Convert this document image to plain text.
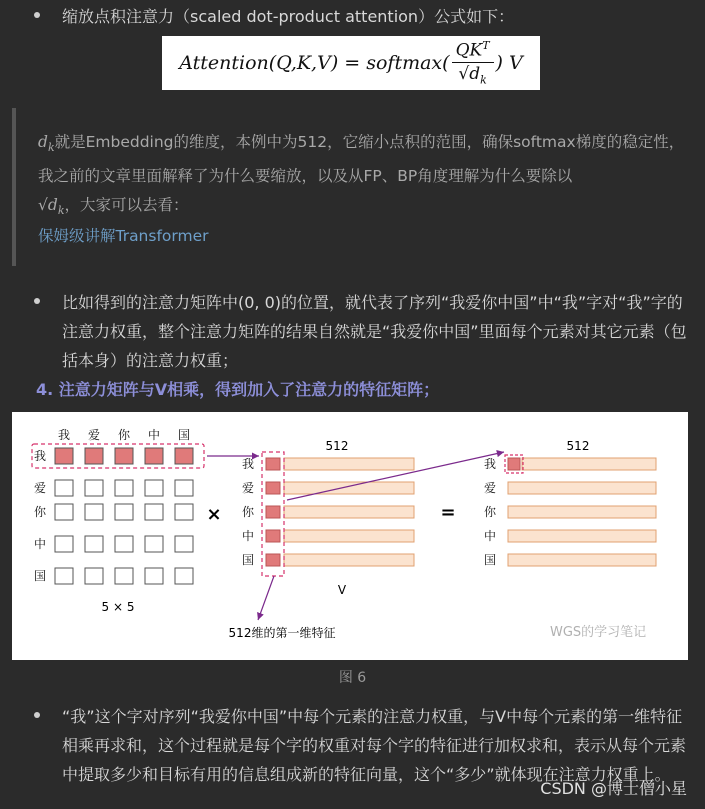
缩放点积注意力（scaled dot-product attention）公式如下：
Attention(Q,K,V) = softmax( $\frac{QK^T}{√d_k}$ ) V
$d_k$就是Embedding的维度，本例中为512，它缩小点积的范围，确保softmax梯度的稳定性，我之前的文章里面解释了为什么要缩放，以及从FP、BP角度理解为什么要除以
$√d_k$，大家可以去看：
保姆级讲解Transformer
比如得到的注意力矩阵中(0, 0)的位置，就代表了序列“我爱你中国”中“我”字对“我”字的注意力权重，整个注意力矩阵的结果自然就是“我爱你中国”里面每个元素对其它元素（包括本身）的注意力权重；
4. 注意力矩阵与V相乘，得到加入了注意力的特征矩阵；
我 爱 你 中 国
我
爱
你
中
国
我
爱
你
中
国
我
爱
你
中
国
×	=
5 × 5
512	512
V
512维的第一维特征	WGS的学习笔记
图 6
“我”这个字对序列“我爱你中国”中每个元素的注意力权重，与V中每个元素的第一维特征相乘再求和，这个过程就是每个字的权重对每个字的特征进行加权求和，表示从每个元素中提取多少和目标有用的信息组成新的特征向量，这个“多少”就体现在注意力权重上。
CSDN @博士僧小星
